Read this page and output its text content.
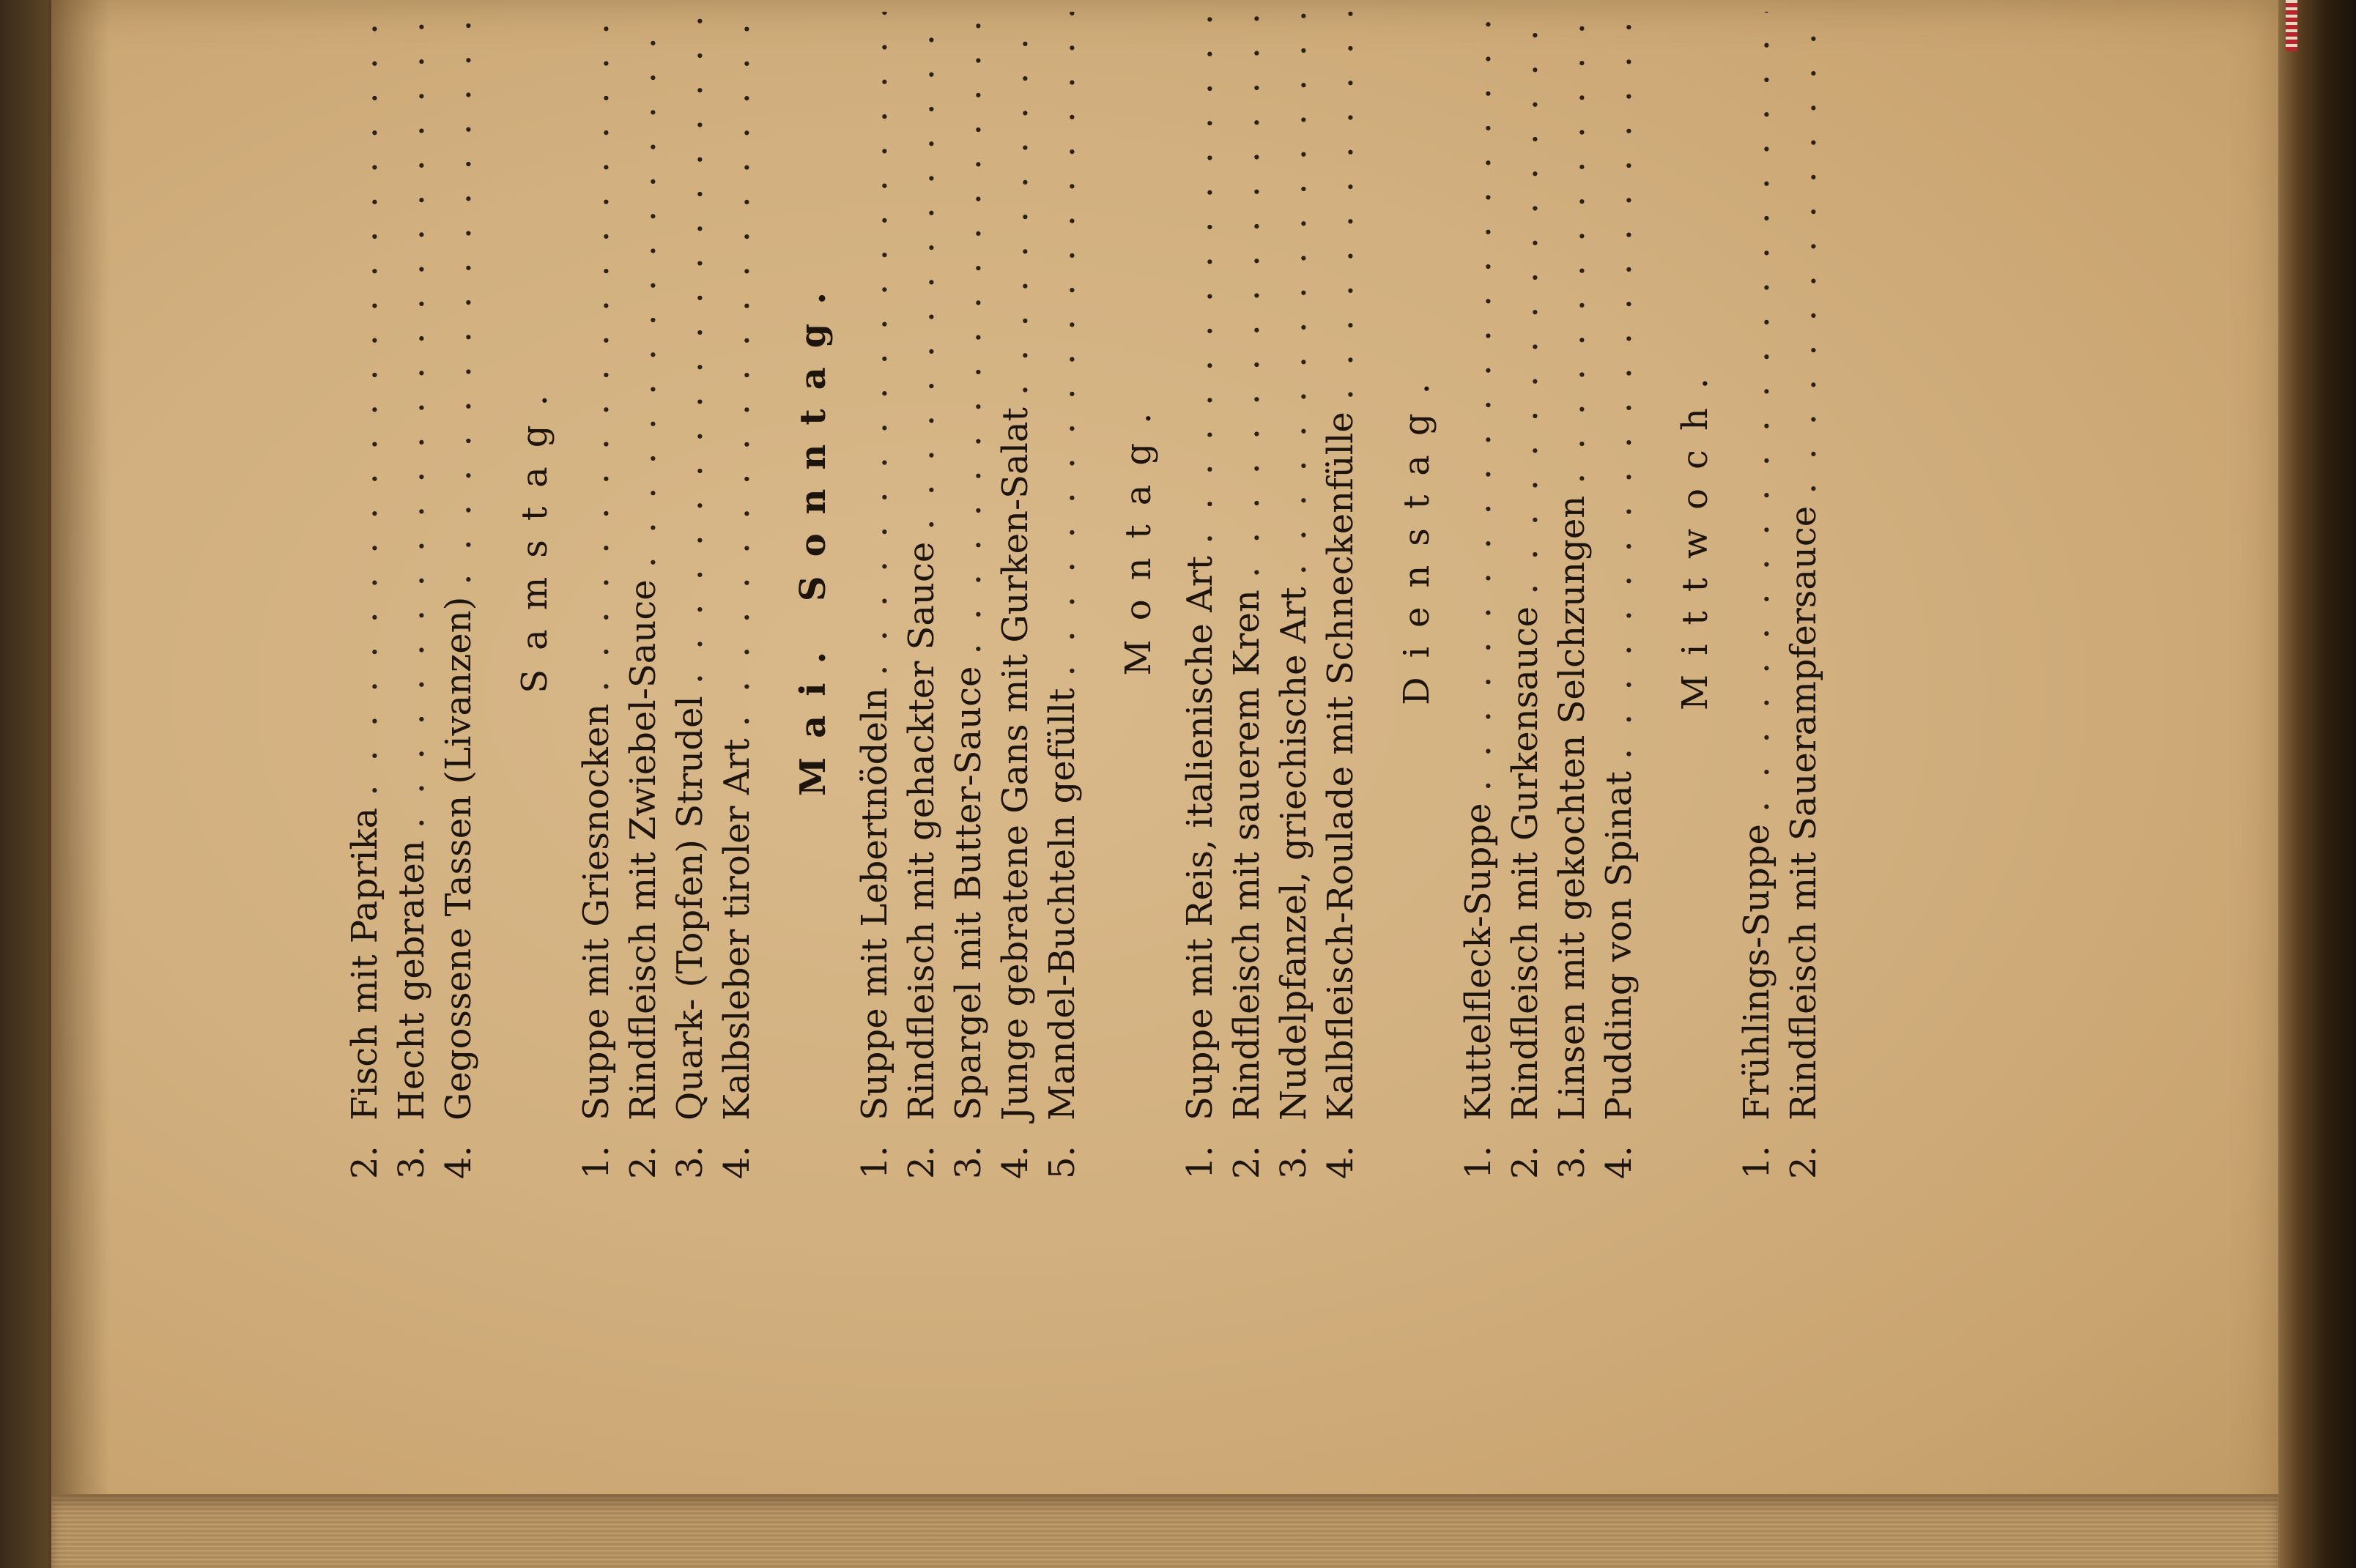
2.
Fisch mit Paprika
.....
3.
Hecht gebraten
.....
4.
Gegossene Tassen (Livanzen)
.....
Samstag.
1.
Suppe mit Griesnocken
.....
2.
Rindfleisch mit Zwiebel-Sauce
.....
3.
Quark- (Topfen) Strudel
.....
4.
Kalbsleber tiroler Art
.....
Mai. Sonntag.
1.
Suppe mit Lebertnödeln
.....
2.
Rindfleisch mit gehackter Sauce
.....
3.
Spargel mit Butter-Sauce
.....
4.
Junge gebratene Gans mit Gurken-Salat
.....
5.
Mandel-Buchteln gefüllt
.....
Montag.
1.
Suppe mit Reis, italienische Art
.....
2.
Rindfleisch mit sauerem Kren
.....
3.
Nudelpfanzel, griechische Art
.....
4.
Kalbfleisch-Roulade mit Schneckenfülle
..... Dienstag.
1.
Kuttelfleck-Suppe
.....
2.
Rindfleisch mit Gurkensauce
.....
3.
Linsen mit gekochten Selchzungen
.....
4.
Pudding von Spinat
.....
Mittwoch.
1.
Frühlings-Suppe
.....
2.
Rindfleisch mit Sauerampfersauce
.....
